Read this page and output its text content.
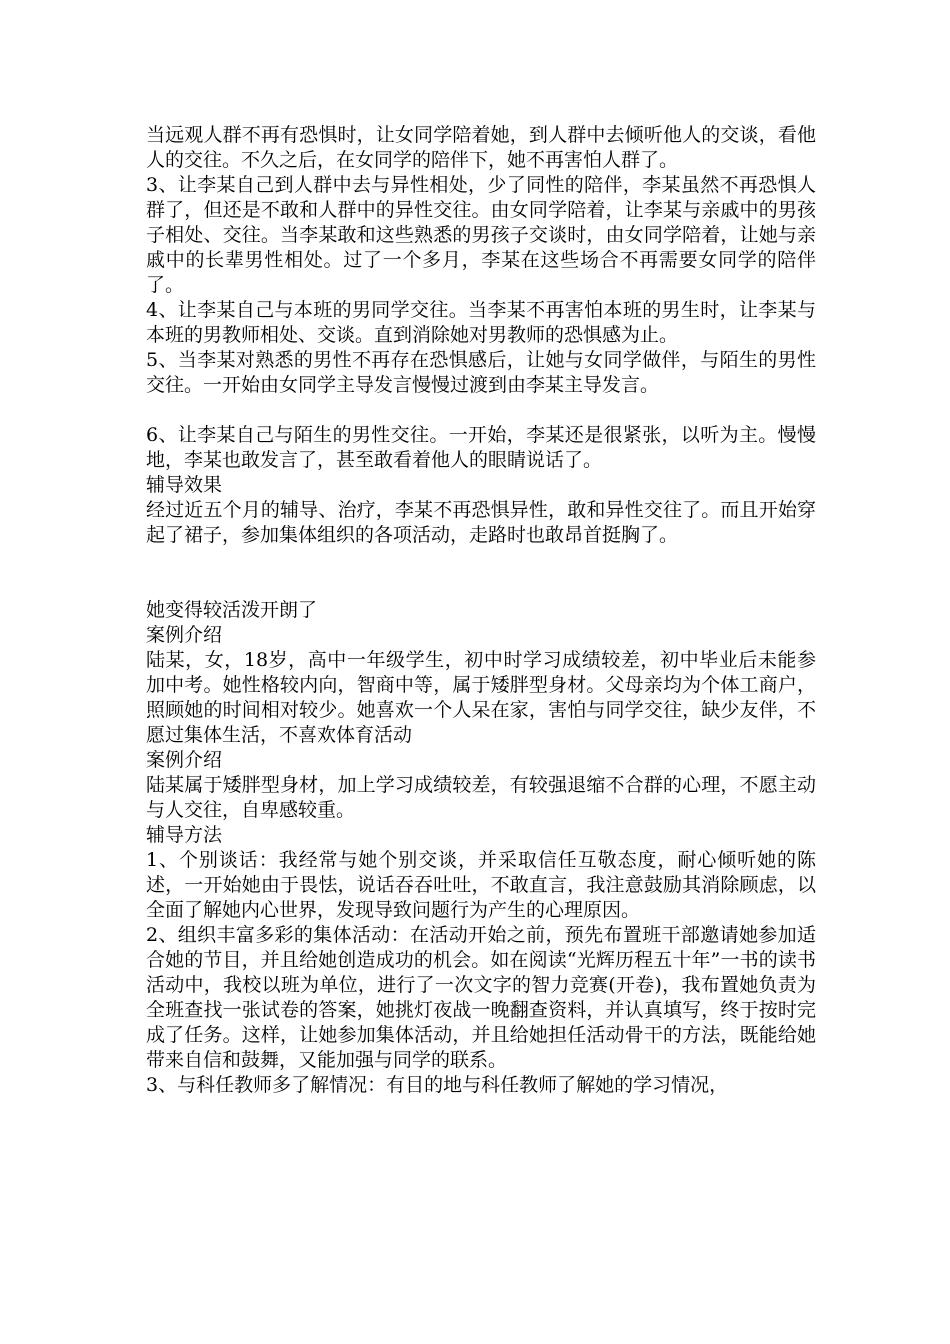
当远观人群不再有恐惧时，让女同学陪着她，到人群中去倾听他人的交谈，看他人的交往。不久之后，在女同学的陪伴下，她不再害怕人群了。

3、让李某自己到人群中去与异性相处，少了同性的陪伴，李某虽然不再恐惧人群了，但还是不敢和人群中的异性交往。由女同学陪着，让李某与亲戚中的男孩子相处、交往。当李某敢和这些熟悉的男孩子交谈时，由女同学陪着，让她与亲戚中的长辈男性相处。过了一个多月，李某在这些场合不再需要女同学的陪伴了。

4、让李某自己与本班的男同学交往。当李某不再害怕本班的男生时，让李某与本班的男教师相处、交谈。直到消除她对男教师的恐惧感为止。

5、当李某对熟悉的男性不再存在恐惧感后，让她与女同学做伴，与陌生的男性交往。一开始由女同学主导发言慢慢过渡到由李某主导发言。

6、让李某自己与陌生的男性交往。一开始，李某还是很紧张，以听为主。慢慢地，李某也敢发言了，甚至敢看着他人的眼睛说话了。

辅导效果

经过近五个月的辅导、治疗，李某不再恐惧异性，敢和异性交往了。而且开始穿起了裙子，参加集体组织的各项活动，走路时也敢昂首挺胸了。

她变得较活泼开朗了

案例介绍

陆某，女，18岁，高中一年级学生，初中时学习成绩较差，初中毕业后未能参加中考。她性格较内向，智商中等，属于矮胖型身材。父母亲均为个体工商户，照顾她的时间相对较少。她喜欢一个人呆在家，害怕与同学交往，缺少友伴，不愿过集体生活，不喜欢体育活动

案例介绍

陆某属于矮胖型身材，加上学习成绩较差，有较强退缩不合群的心理，不愿主动与人交往，自卑感较重。

辅导方法

1、个别谈话：我经常与她个别交谈，并采取信任互敬态度，耐心倾听她的陈述，一开始她由于畏怯，说话吞吞吐吐，不敢直言，我注意鼓励其消除顾虑，以全面了解她内心世界，发现导致问题行为产生的心理原因。

2、组织丰富多彩的集体活动：在活动开始之前，预先布置班干部邀请她参加适合她的节目，并且给她创造成功的机会。如在阅读“光辉历程五十年”一书的读书活动中，我校以班为单位，进行了一次文字的智力竞赛(开卷)，我布置她负责为全班查找一张试卷的答案，她挑灯夜战一晚翻查资料，并认真填写，终于按时完成了任务。这样，让她参加集体活动，并且给她担任活动骨干的方法，既能给她带来自信和鼓舞，又能加强与同学的联系。

3、与科任教师多了解情况：有目的地与科任教师了解她的学习情况，
